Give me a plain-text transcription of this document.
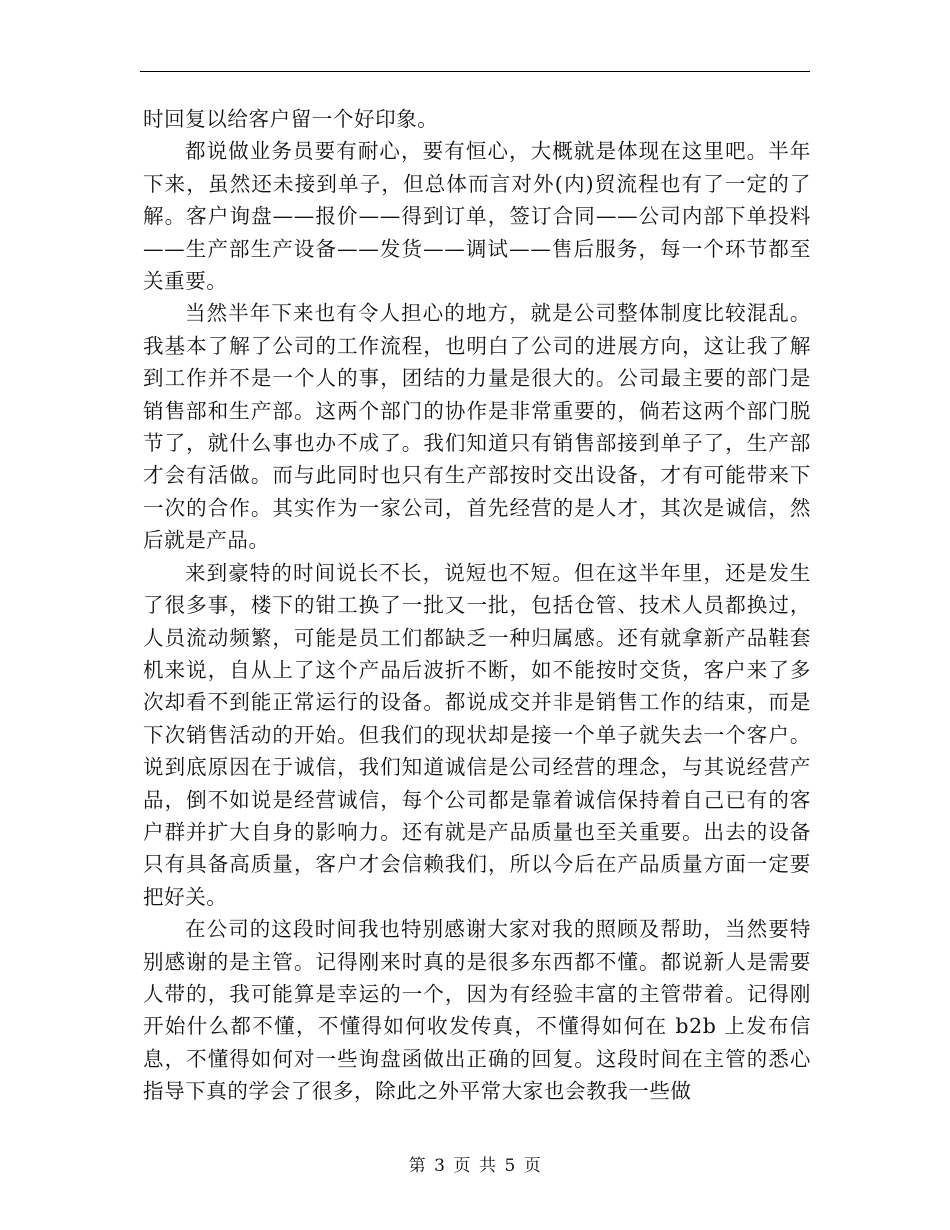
时回复以给客户留一个好印象。

都说做业务员要有耐心，要有恒心，大概就是体现在这里吧。半年下来，虽然还未接到单子，但总体而言对外(内)贸流程也有了一定的了解。客户询盘——报价——得到订单，签订合同——公司内部下单投料——生产部生产设备——发货——调试——售后服务，每一个环节都至关重要。

当然半年下来也有令人担心的地方，就是公司整体制度比较混乱。我基本了解了公司的工作流程，也明白了公司的进展方向，这让我了解到工作并不是一个人的事，团结的力量是很大的。公司最主要的部门是销售部和生产部。这两个部门的协作是非常重要的，倘若这两个部门脱节了，就什么事也办不成了。我们知道只有销售部接到单子了，生产部才会有活做。而与此同时也只有生产部按时交出设备，才有可能带来下一次的合作。其实作为一家公司，首先经营的是人才，其次是诚信，然后就是产品。

来到豪特的时间说长不长，说短也不短。但在这半年里，还是发生了很多事，楼下的钳工换了一批又一批，包括仓管、技术人员都换过，人员流动频繁，可能是员工们都缺乏一种归属感。还有就拿新产品鞋套机来说，自从上了这个产品后波折不断，如不能按时交货，客户来了多次却看不到能正常运行的设备。都说成交并非是销售工作的结束，而是下次销售活动的开始。但我们的现状却是接一个单子就失去一个客户。说到底原因在于诚信，我们知道诚信是公司经营的理念，与其说经营产品，倒不如说是经营诚信，每个公司都是靠着诚信保持着自己已有的客户群并扩大自身的影响力。还有就是产品质量也至关重要。出去的设备只有具备高质量，客户才会信赖我们，所以今后在产品质量方面一定要把好关。

在公司的这段时间我也特别感谢大家对我的照顾及帮助，当然要特别感谢的是主管。记得刚来时真的是很多东西都不懂。都说新人是需要人带的，我可能算是幸运的一个，因为有经验丰富的主管带着。记得刚开始什么都不懂，不懂得如何收发传真，不懂得如何在 b2b 上发布信息，不懂得如何对一些询盘函做出正确的回复。这段时间在主管的悉心指导下真的学会了很多，除此之外平常大家也会教我一些做

第 3 页 共 5 页
